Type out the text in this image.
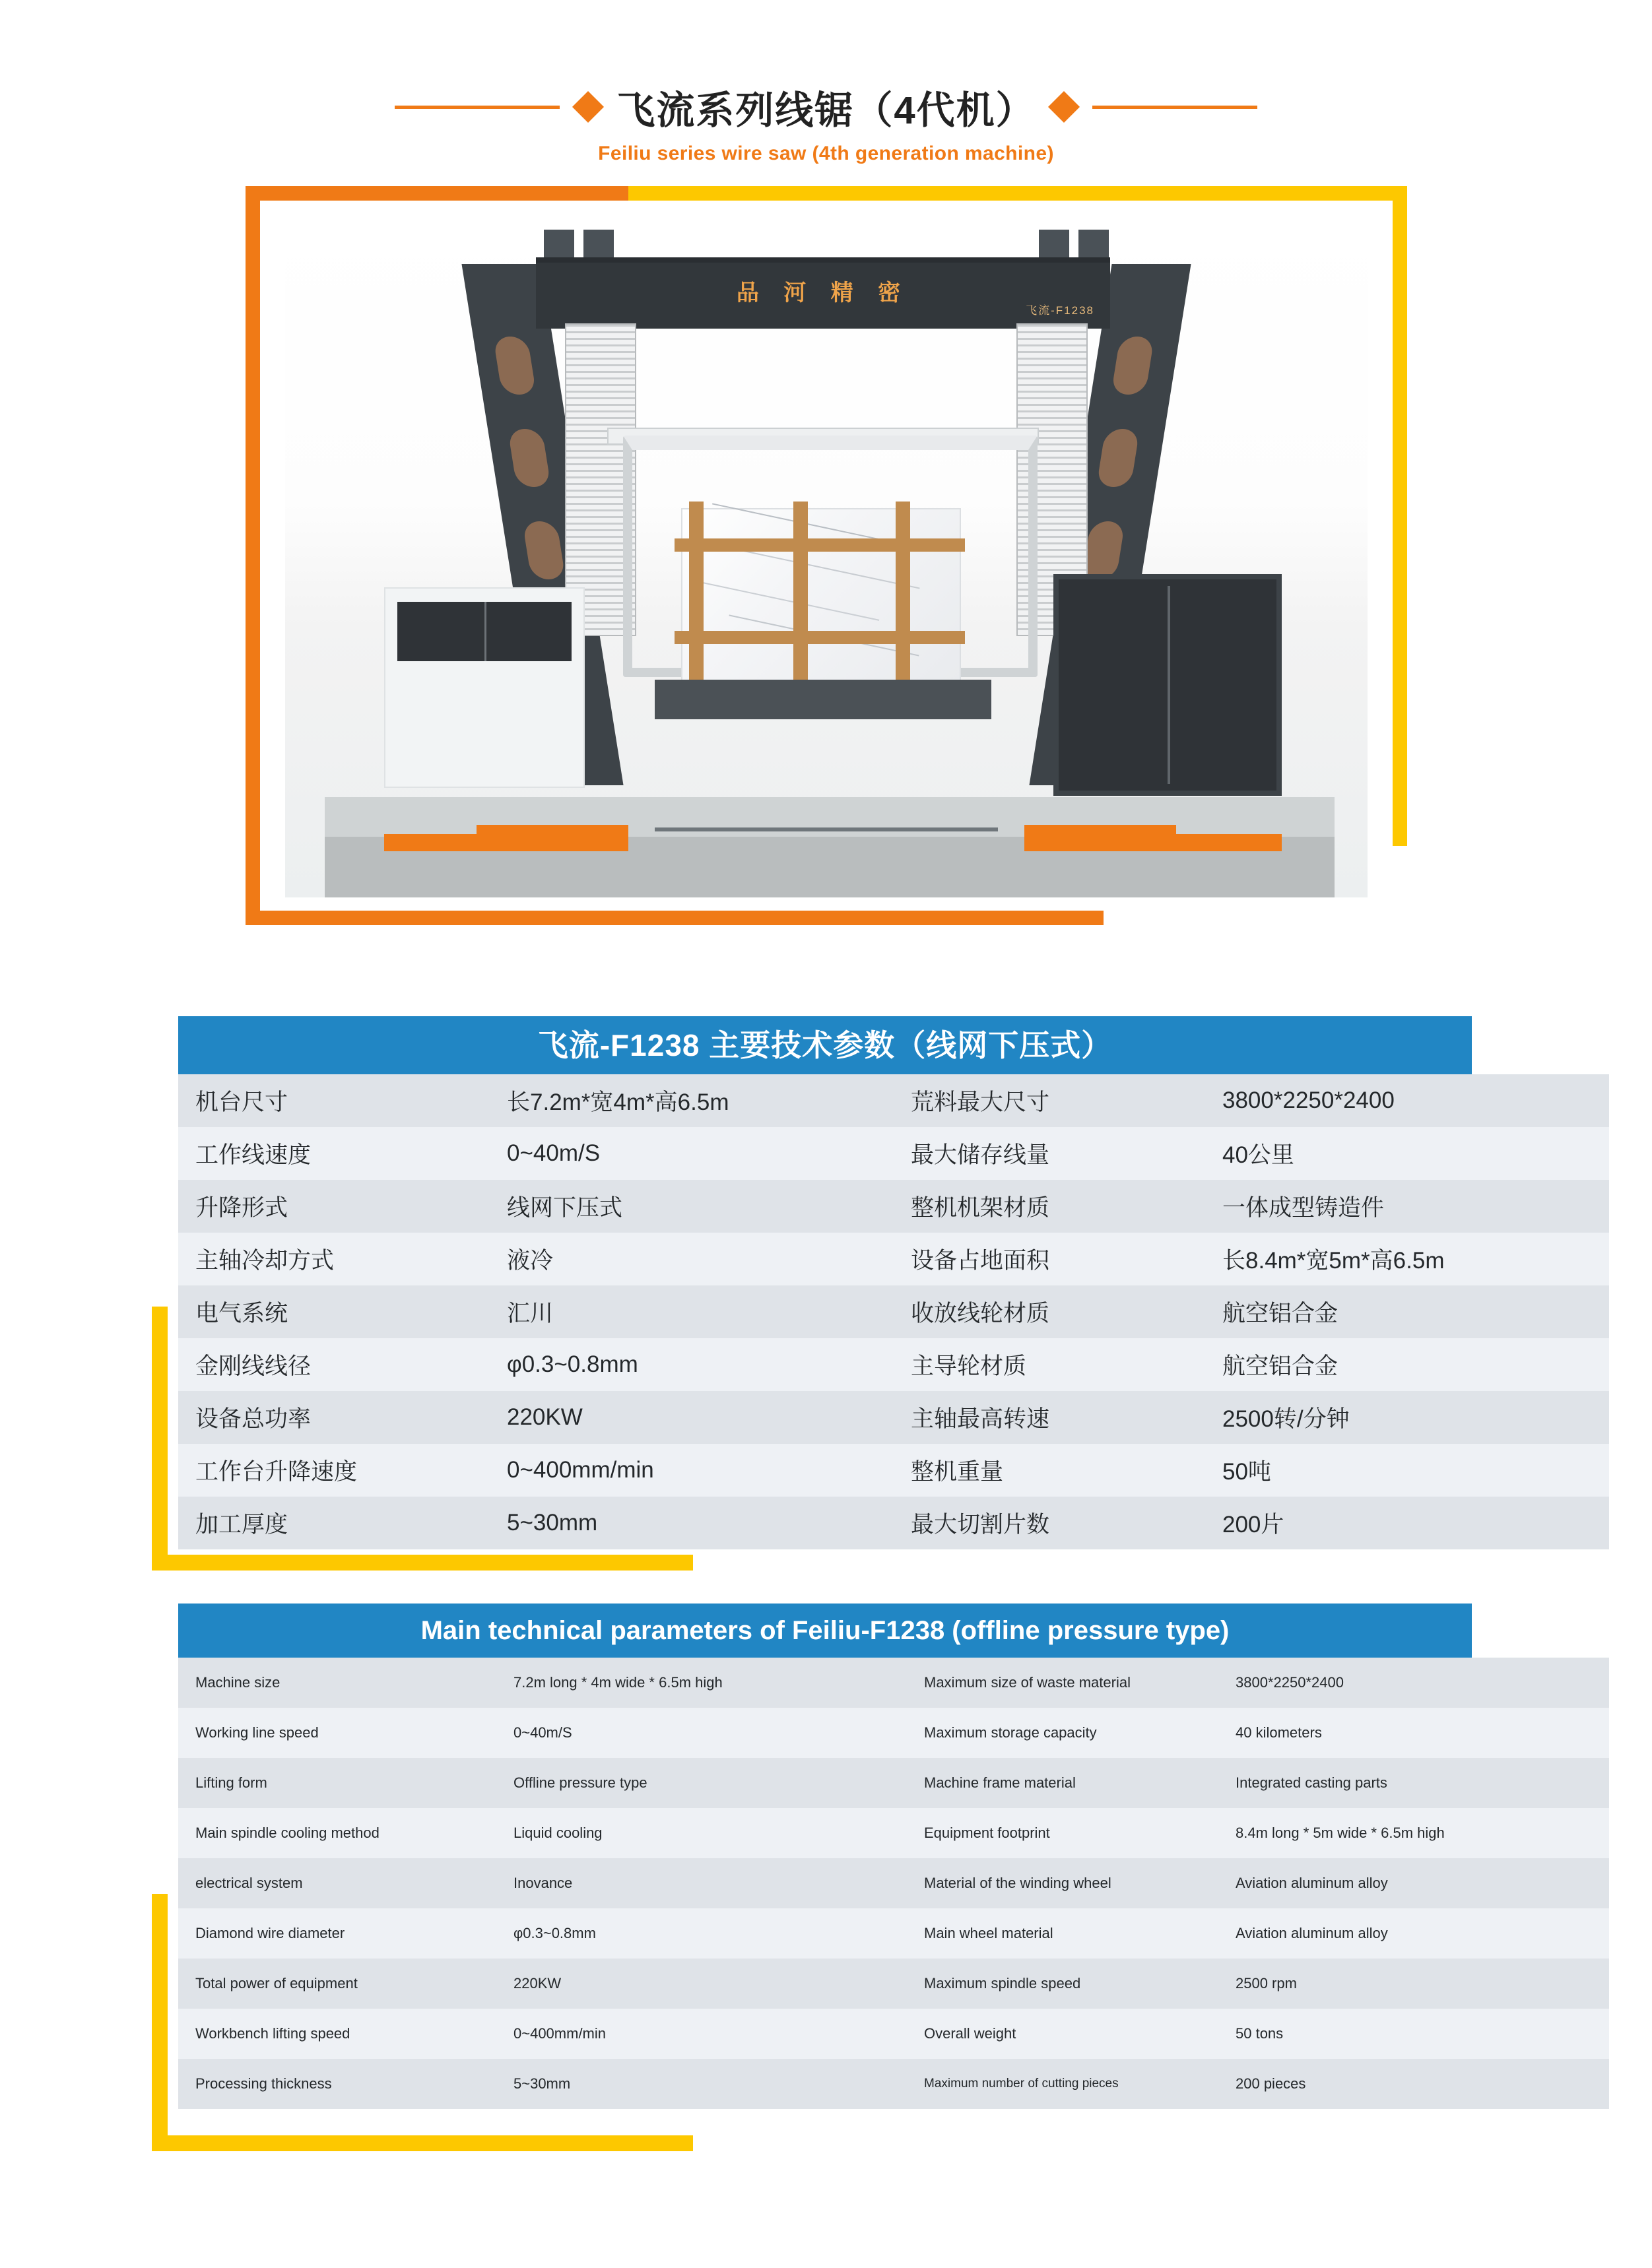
飞流系列线锯（4代机）
Feiliu series wire saw (4th generation machine)
品 河 精 密
飞流-F1238
飞流-F1238 主要技术参数（线网下压式）
机台尺寸	长7.2m*宽4m*高6.5m	荒料最大尺寸	3800*2250*2400
工作线速度	0~40m/S	最大储存线量	40公里
升降形式	线网下压式	整机机架材质	一体成型铸造件
主轴冷却方式	液冷	设备占地面积	长8.4m*宽5m*高6.5m
电气系统	汇川	收放线轮材质	航空铝合金
金刚线线径	φ0.3~0.8mm	主导轮材质	航空铝合金
设备总功率	220KW	主轴最高转速	2500转/分钟
工作台升降速度	0~400mm/min	整机重量	50吨
加工厚度	5~30mm	最大切割片数	200片
Main technical parameters of Feiliu-F1238 (offline pressure type)
Machine size	7.2m long * 4m wide * 6.5m high	Maximum size of waste material	3800*2250*2400
Working line speed	0~40m/S	Maximum storage capacity	40 kilometers
Lifting form	Offline pressure type	Machine frame material	Integrated casting parts
Main spindle cooling method	Liquid cooling	Equipment footprint	8.4m long * 5m wide * 6.5m high
electrical system	Inovance	Material of the winding wheel	Aviation aluminum alloy
Diamond wire diameter	φ0.3~0.8mm	Main wheel material	Aviation aluminum alloy
Total power of equipment	220KW	Maximum spindle speed	2500 rpm
Workbench lifting speed	0~400mm/min	Overall weight	50 tons
Processing thickness	5~30mm	Maximum number of cutting pieces	200 pieces
